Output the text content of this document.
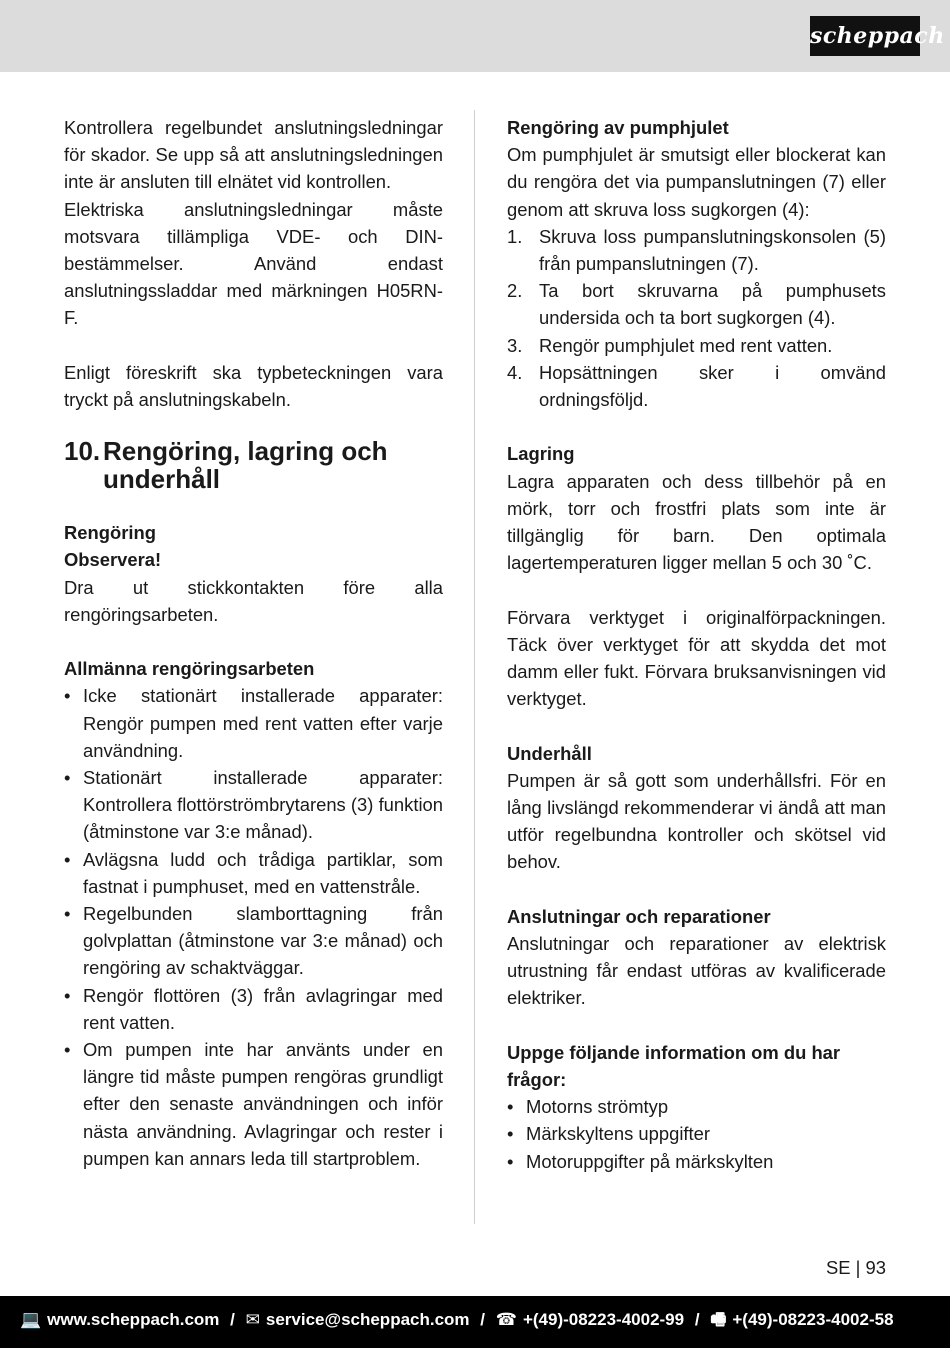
scheppach

Kontrollera regelbundet anslutningsledningar för skador. Se upp så att anslutningsledningen inte är ansluten till elnätet vid kontrollen.

Elektriska anslutningsledningar måste motsvara tillämpliga VDE- och DIN-bestämmelser. Använd endast anslutningssladdar med märkningen H05RN-F.

Enligt föreskrift ska typbeteckningen vara tryckt på anslutningskabeln.

10. Rengöring, lagring och underhåll

Rengöring

Observera!

Dra ut stickkontakten före alla rengöringsarbeten.

Allmänna rengöringsarbeten

• Icke stationärt installerade apparater: Rengör pumpen med rent vatten efter varje användning.
• Stationärt installerade apparater: Kontrollera flottörströmbrytarens (3) funktion (åtminstone var 3:e månad).
• Avlägsna ludd och trådiga partiklar, som fastnat i pumphuset, med en vattenstråle.
• Regelbunden slamborttagning från golvplattan (åtminstone var 3:e månad) och rengöring av schaktväggar.
• Rengör flottören (3) från avlagringar med rent vatten.
• Om pumpen inte har använts under en längre tid måste pumpen rengöras grundligt efter den senaste användningen och inför nästa användning. Avlagringar och rester i pumpen kan annars leda till startproblem.

Rengöring av pumphjulet

Om pumphjulet är smutsigt eller blockerat kan du rengöra det via pumpanslutningen (7) eller genom att skruva loss sugkorgen (4):

1. Skruva loss pumpanslutningskonsolen (5) från pumpanslutningen (7).
2. Ta bort skruvarna på pumphusets undersida och ta bort sugkorgen (4).
3. Rengör pumphjulet med rent vatten.
4. Hopsättningen sker i omvänd ordningsföljd.

Lagring

Lagra apparaten och dess tillbehör på en mörk, torr och frostfri plats som inte är tillgänglig för barn. Den optimala lagertemperaturen ligger mellan 5 och 30 ˚C.

Förvara verktyget i originalförpackningen. Täck över verktyget för att skydda det mot damm eller fukt. Förvara bruksanvisningen vid verktyget.

Underhåll

Pumpen är så gott som underhållsfri. För en lång livslängd rekommenderar vi ändå att man utför regelbundna kontroller och skötsel vid behov.

Anslutningar och reparationer

Anslutningar och reparationer av elektrisk utrustning får endast utföras av kvalificerade elektriker.

Uppge följande information om du har frågor:

• Motorns strömtyp
• Märkskyltens uppgifter
• Motoruppgifter på märkskylten
SE | 93
💻 www.scheppach.com / ✉ service@scheppach.com / ☎ +(49)-08223-4002-99 / 🖷 +(49)-08223-4002-58
